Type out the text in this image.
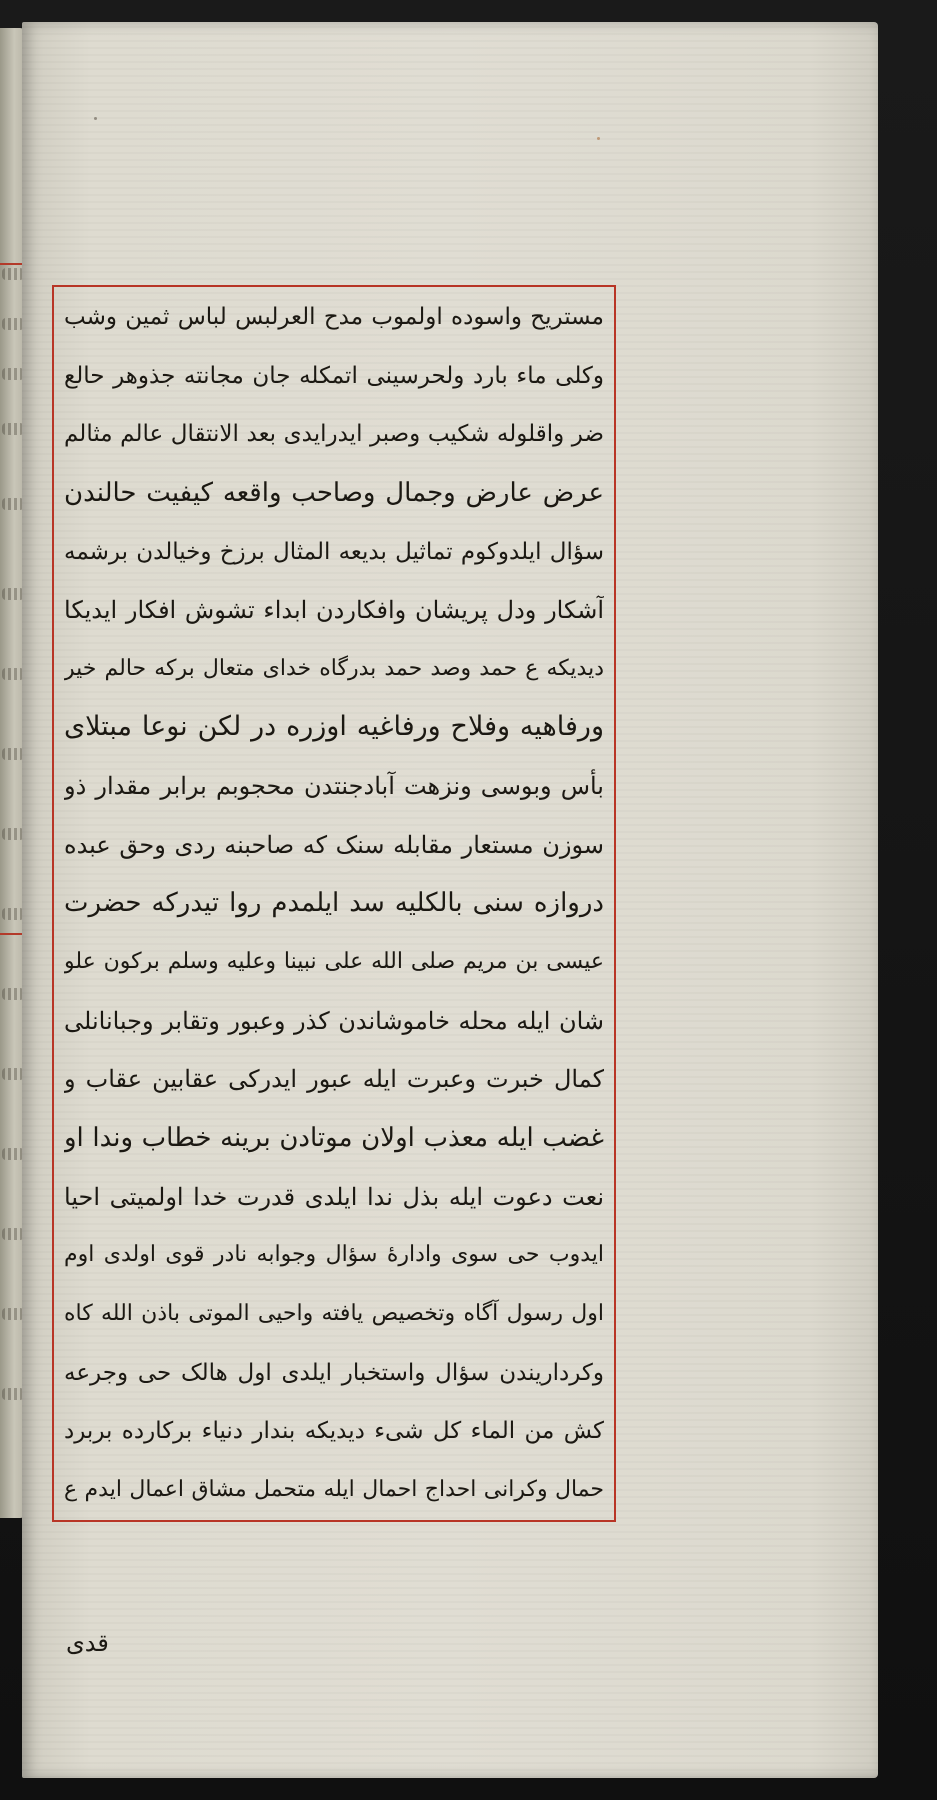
مستریح واسوده اولموب مدح العرلبس لباس ثمین وشب
وکلی ماء بارد ولحرسینی اتمکله جان مجانته جذوهر حالع
ضر واقلوله شکیب وصبر ایدرایدی بعد الانتقال عالم مثالم
عرض عارض وجمال وصاحب واقعه کیفیت حالندن
سؤال ایلدوکوم تماثیل بدیعه المثال برزخ وخیالدن برشمه
آشکار ودل پریشان وافکاردن ابداء تشوش افکار ایدیکا
دیدیکه ع حمد وصد حمد بدرگاه خدای متعال برکه حالم خیر
ورفاهیه وفلاح ورفاغیه اوزره در لکن نوعا مبتلای
بأس وبوسی ونزهت آبادجنتدن محجوبم برابر مقدار ذو
سوزن مستعار مقابله سنک که صاحبنه ردی وحق عبده
دروازه سنی بالکلیه سد ایلمدم روا تیدرکه حضرت
عیسی بن مریم صلی الله علی نبینا وعلیه وسلم برکون علو
شان ایله محله خاموشاندن کذر وعبور وتقابر وجبانانلی
کمال خبرت وعبرت ایله عبور ایدرکی عقابین عقاب و
غضب ایله معذب اولان موتادن برینه خطاب وندا او
نعت دعوت ایله بذل ندا ایلدی قدرت خدا اولمیتی احیا
ایدوب حی سوی وادارهٔ سؤال وجوابه نادر قوی اولدی اوم
اول رسول آگاه وتخصیص یافته واحیی الموتی باذن الله کاه
وکرداریندن سؤال واستخبار ایلدی اول هالک حی وجرعه
کش من الماء کل شیء دیدیکه بندار دنیاء برکارده بربرد
حمال وکرانی احداج احمال ایله متحمل مشاق اعمال ایدم ع
قدی
